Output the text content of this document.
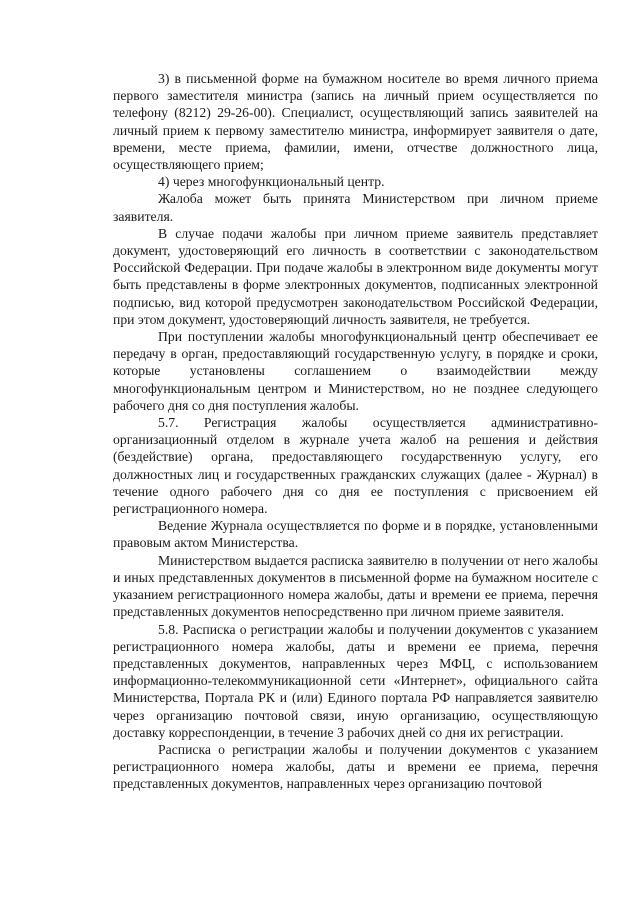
3) в письменной форме на бумажном носителе во время личного приема первого заместителя министра (запись на личный прием осуществляется по телефону (8212) 29-26-00). Специалист, осуществляющий запись заявителей на личный прием к первому заместителю министра, информирует заявителя о дате, времени, месте приема, фамилии, имени, отчестве должностного лица, осуществляющего прием;

4) через многофункциональный центр.

Жалоба может быть принята Министерством при личном приеме заявителя.

В случае подачи жалобы при личном приеме заявитель представляет документ, удостоверяющий его личность в соответствии с законодательством Российской Федерации. При подаче жалобы в электронном виде документы могут быть представлены в форме электронных документов, подписанных электронной подписью, вид которой предусмотрен законодательством Российской Федерации, при этом документ, удостоверяющий личность заявителя, не требуется.

При поступлении жалобы многофункциональный центр обеспечивает ее передачу в орган, предоставляющий государственную услугу, в порядке и сроки, которые установлены соглашением о взаимодействии между многофункциональным центром и Министерством, но не позднее следующего рабочего дня со дня поступления жалобы.

5.7. Регистрация жалобы осуществляется административно-организационный отделом в журнале учета жалоб на решения и действия (бездействие) органа, предоставляющего государственную услугу, его должностных лиц и государственных гражданских служащих (далее - Журнал) в течение одного рабочего дня со дня ее поступления с присвоением ей регистрационного номера.

Ведение Журнала осуществляется по форме и в порядке, установленными правовым актом Министерства.

Министерством выдается расписка заявителю в получении от него жалобы и иных представленных документов в письменной форме на бумажном носителе с указанием регистрационного номера жалобы, даты и времени ее приема, перечня представленных документов непосредственно при личном приеме заявителя.

5.8. Расписка о регистрации жалобы и получении документов с указанием регистрационного номера жалобы, даты и времени ее приема, перечня представленных документов, направленных через МФЦ, с использованием информационно-телекоммуникационной сети «Интернет», официального сайта Министерства, Портала РК и (или) Единого портала РФ направляется заявителю через организацию почтовой связи, иную организацию, осуществляющую доставку корреспонденции, в течение 3 рабочих дней со дня их регистрации.

Расписка о регистрации жалобы и получении документов с указанием регистрационного номера жалобы, даты и времени ее приема, перечня представленных документов, направленных через организацию почтовой
